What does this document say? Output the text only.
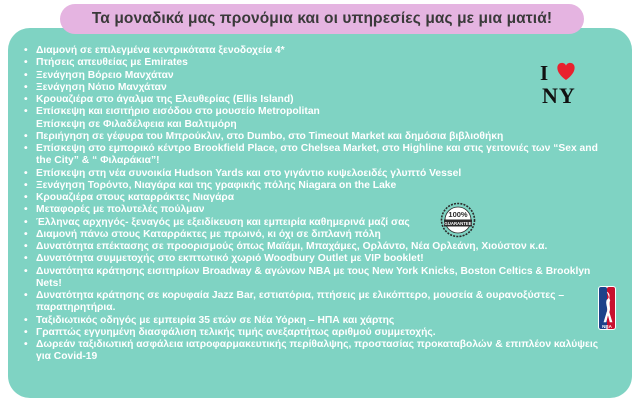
Τα μοναδικά μας προνόμια και οι υπηρεσίες μας με μια ματιά!
• Διαμονή σε επιλεγμένα κεντρικότατα ξενοδοχεία 4*
• Πτήσεις απευθείας με Emirates
• Ξενάγηση Βόρειο Μανχάταν
• Ξενάγηση Νότιο Μανχάταν
• Κρουαζιέρα στο άγαλμα της Ελευθερίας (Ellis Island)
• Επίσκεψη και εισιτήριο εισόδου στο μουσείο Metropolitan
Επίσκεψη σε Φιλαδέλφεια και Βαλτιμόρη
• Περιήγηση σε γέφυρα του Μπρούκλιν, στο Dumbo, στο Timeout Market και δημόσια βιβλιοθήκη
• Επίσκεψη στο εμπορικό κέντρο Brookfield Place, στο Chelsea Market, στο Highline και στις γειτονιές των “Sex and
the City” & “ Φιλαράκια”!
• Επίσκεψη στη νέα συνοικία Hudson Yards και στο γιγάντιο κυψελοειδές γλυπτό Vessel
• Ξενάγηση Τορόντο, Νιαγάρα και της γραφικής πόλης Niagara on the Lake
• Κρουαζιέρα στους καταρράκτες Νιαγάρα
• Μεταφορές με πολυτελές πούλμαν
• Έλληνας αρχηγός- ξεναγός με εξειδίκευση και εμπειρία καθημερινά μαζί σας
• Διαμονή πάνω στους Καταρράκτες με πρωινό, κι όχι σε διπλανή πόλη
• Δυνατότητα επέκτασης σε προορισμούς όπως Μαϊάμι, Μπαχάμες, Ορλάντο, Νέα Ορλεάνη, Χιούστον κ.α.
• Δυνατότητα συμμετοχής στο εκπτωτικό χωριό Woodbury Outlet με VIP booklet!
• Δυνατότητα κράτησης εισιτηρίων Broadway & αγώνων NBA με τους New York Knicks, Boston Celtics & Brooklyn
Nets!
• Δυνατότητα κράτησης σε κορυφαία Jazz Bar, εστιατόρια, πτήσεις με ελικόπτερο, μουσεία & ουρανοξύστες –
παρατηρητήρια.
• Ταξιδιωτικός οδηγός με εμπειρία 35 ετών σε Νέα Υόρκη – ΗΠΑ και χάρτης
• Γραπτώς εγγυημένη διασφάλιση τελικής τιμής ανεξαρτήτως αριθμού συμμετοχής.
• Δωρεάν ταξιδιωτική ασφάλεια ιατροφαρμακευτικής περίθαλψης, προστασίας προκαταβολών & επιπλέον καλύψεις
για Covid-19
I
NY
100%
GUARANTEE
NBA
